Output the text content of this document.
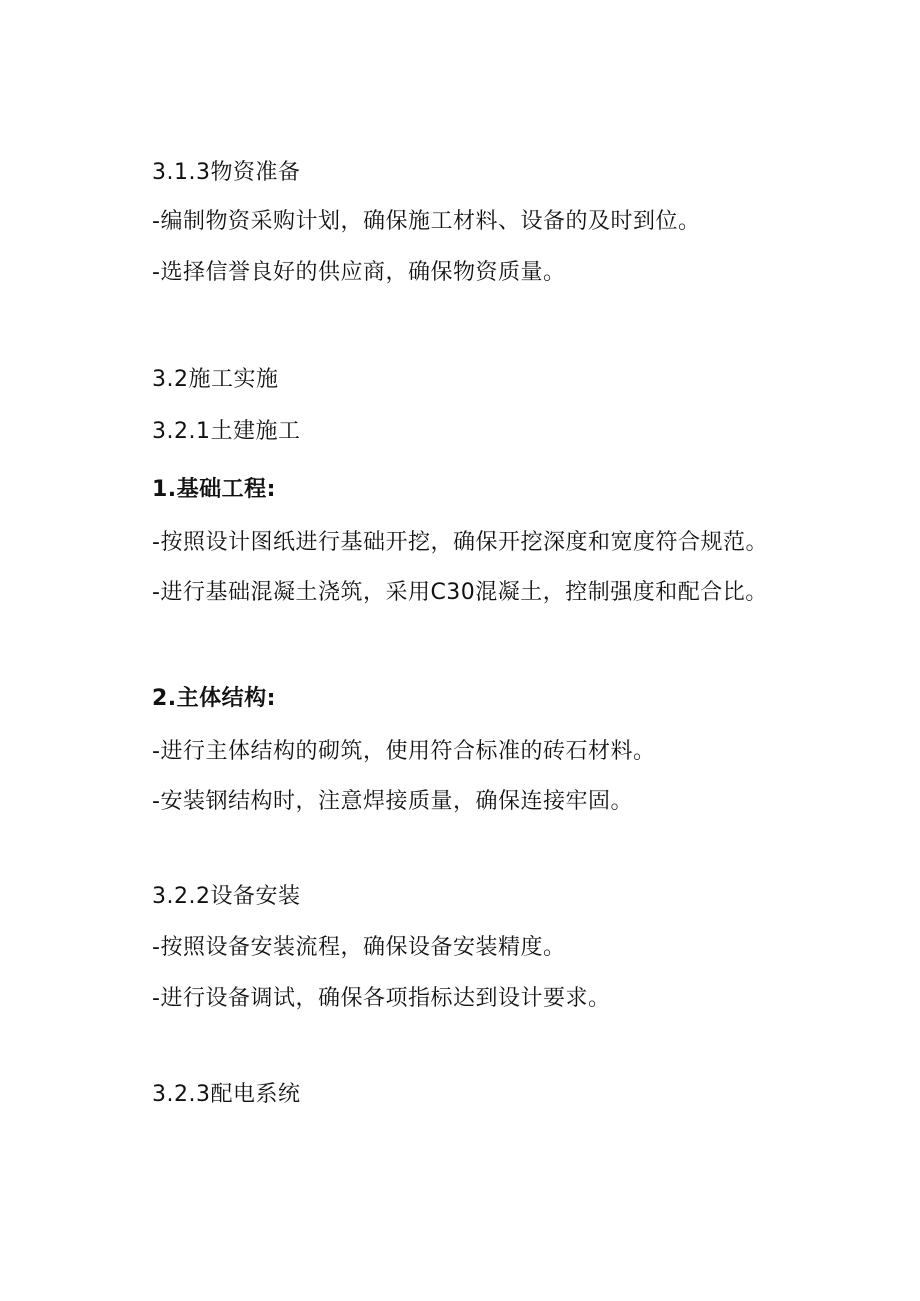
3.1.3物资准备
-编制物资采购计划，确保施工材料、设备的及时到位。
-选择信誉良好的供应商，确保物资质量。
3.2施工实施
3.2.1土建施工
1.基础工程:
-按照设计图纸进行基础开挖，确保开挖深度和宽度符合规范。
-进行基础混凝土浇筑，采用C30混凝土，控制强度和配合比。
2.主体结构:
-进行主体结构的砌筑，使用符合标准的砖石材料。
-安装钢结构时，注意焊接质量，确保连接牢固。
3.2.2设备安装
-按照设备安装流程，确保设备安装精度。
-进行设备调试，确保各项指标达到设计要求。
3.2.3配电系统
